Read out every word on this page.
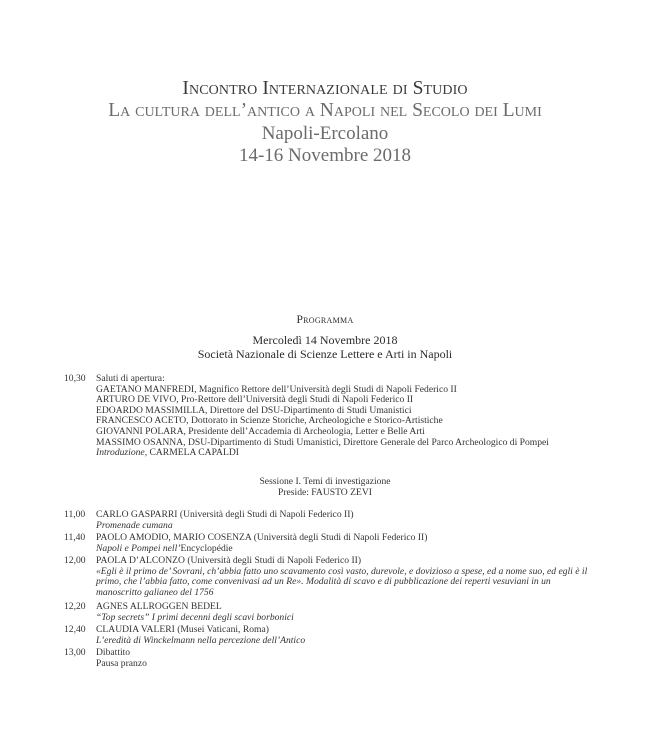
Incontro Internazionale di Studio
La cultura dell’antico a Napoli nel Secolo dei Lumi
Napoli-Ercolano
14-16 Novembre 2018
Programma
Mercoledì 14 Novembre 2018
Società Nazionale di Scienze Lettere e Arti in Napoli
10,30	Saluti di apertura:
GAETANO MANFREDI, Magnifico Rettore dell’Università degli Studi di Napoli Federico II
ARTURO DE VIVO, Pro-Rettore dell’Università degli Studi di Napoli Federico II
EDOARDO MASSIMILLA, Direttore del DSU-Dipartimento di Studi Umanistici
FRANCESCO ACETO, Dottorato in Scienze Storiche, Archeologiche e Storico-Artistiche
GIOVANNI POLARA, Presidente dell’Accademia di Archeologia, Letter e Belle Arti
MASSIMO OSANNA, DSU-Dipartimento di Studi Umanistici, Direttore Generale del Parco Archeologico di Pompei
Introduzione, CARMELA CAPALDI
Sessione I. Temi di investigazione
Preside: FAUSTO ZEVI
11,00	CARLO GASPARRI (Università degli Studi di Napoli Federico II)
Promenade cumana
11,40	PAOLO AMODIO, MARIO COSENZA (Università degli Studi di Napoli Federico II)
Napoli e Pompei nell’Encyclopédie
12,00	PAOLA D’ALCONZO (Università degli Studi di Napoli Federico II)
«Egli è il primo de’ Sovrani, ch’abbia fatto uno scavamento così vasto, durevole, e dovizioso a spese, ed a nome suo, ed egli è il primo, che l’abbia fatto, come convenivasi ad un Re». Modalità di scavo e di pubblicazione dei reperti vesuviani in un manoscritto galianeo del 1756
12,20	AGNES ALLROGGEN BEDEL
“Top secrets” I primi decenni degli scavi borbonici
12,40	CLAUDIA VALERI (Musei Vaticani, Roma)
L’eredità di Winckelmann nella percezione dell’Antico
13,00	Dibattito
Pausa pranzo
